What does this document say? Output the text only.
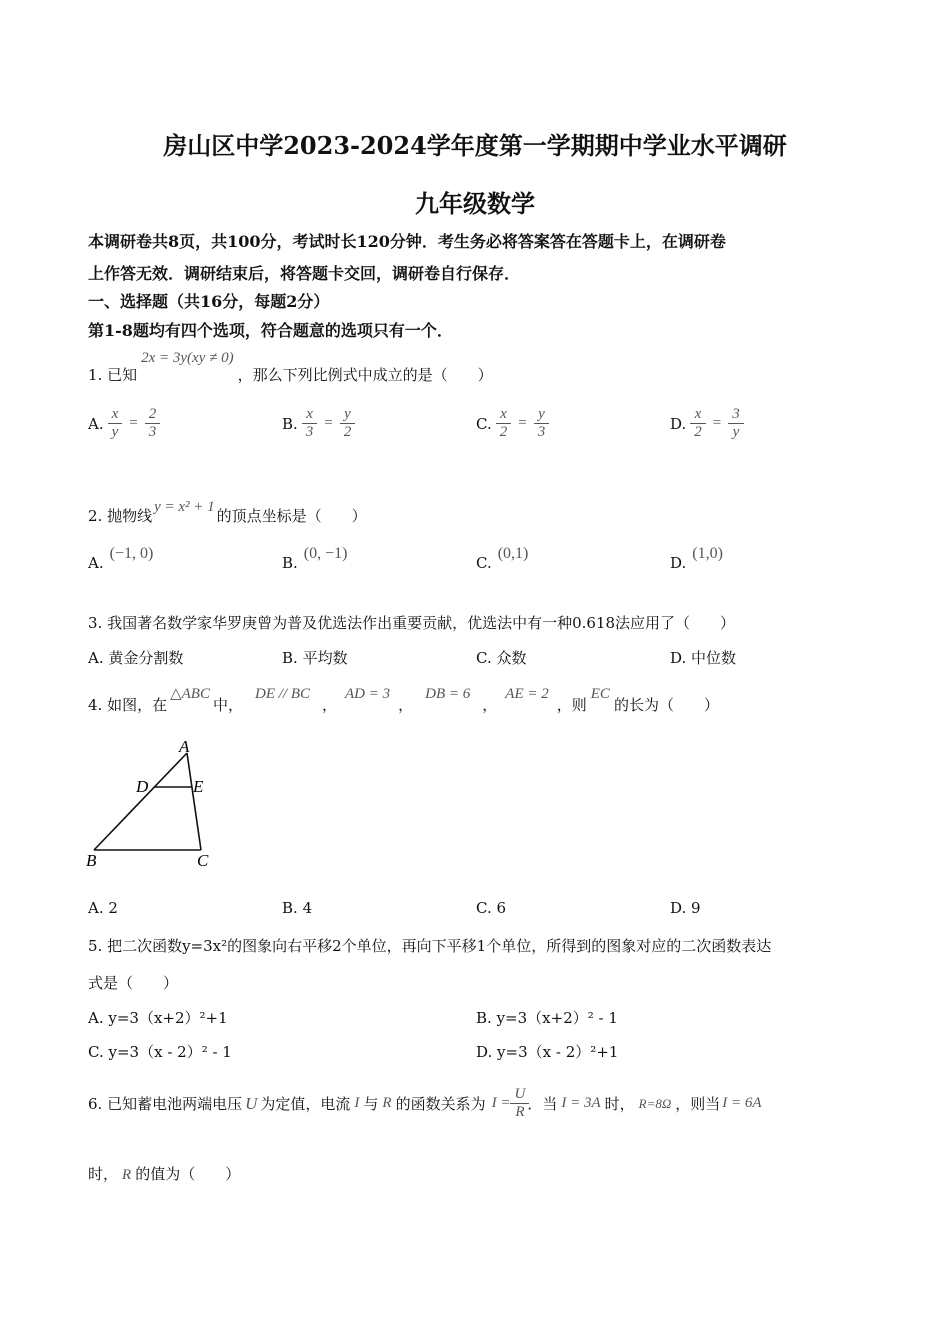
房山区中学2023-2024学年度第一学期期中学业水平调研
九年级数学
本调研卷共8页，共100分，考试时长120分钟．考生务必将答案答在答题卡上，在调研卷
上作答无效．调研结束后，将答题卡交回，调研卷自行保存．
一、选择题（共16分，每题2分）
第1-8题均有四个选项，符合题意的选项只有一个．
1. 已知2x = 3y(xy ≠ 0)，那么下列比例式中成立的是（　　）
A. $\frac{x}{y} = \frac{2}{3}$	B. $\frac{x}{3} = \frac{y}{2}$	C. $\frac{x}{2} = \frac{y}{3}$	D. $\frac{x}{2} = \frac{3}{y}$
2. 抛物线 y = x² + 1 的顶点坐标是（　　）
A.(−1, 0)
B.(0, −1)
C.(0,1)
D.(1,0)
3. 我国著名数学家华罗庚曾为普及优选法作出重要贡献，优选法中有一种0.618法应用了（　　）
A. 黄金分割数	B. 平均数	C. 众数	D. 中位数
4. 如图，在△ABC中，DE // BC，AD = 3，DB = 6，AE = 2，则EC的长为（　　）
A
D	E
B	C
A. 2	B. 4	C. 6	D. 9
5. 把二次函数y=3x²的图象向右平移2个单位，再向下平移1个单位，所得到的图象对应的二次函数表达
式是（　　）
A. y=3（x+2）²+1	B. y=3（x+2）² - 1
C. y=3（x - 2）² - 1	D. y=3（x - 2）²+1
6.
已知蓄电池两端电压 U 为定值，电流 I 与 R 的函数关系为 $I = \frac{U}{R}$ ．当 I = 3A 时， R=8Ω ，则当 I = 6A
时， R 的值为（　　）
